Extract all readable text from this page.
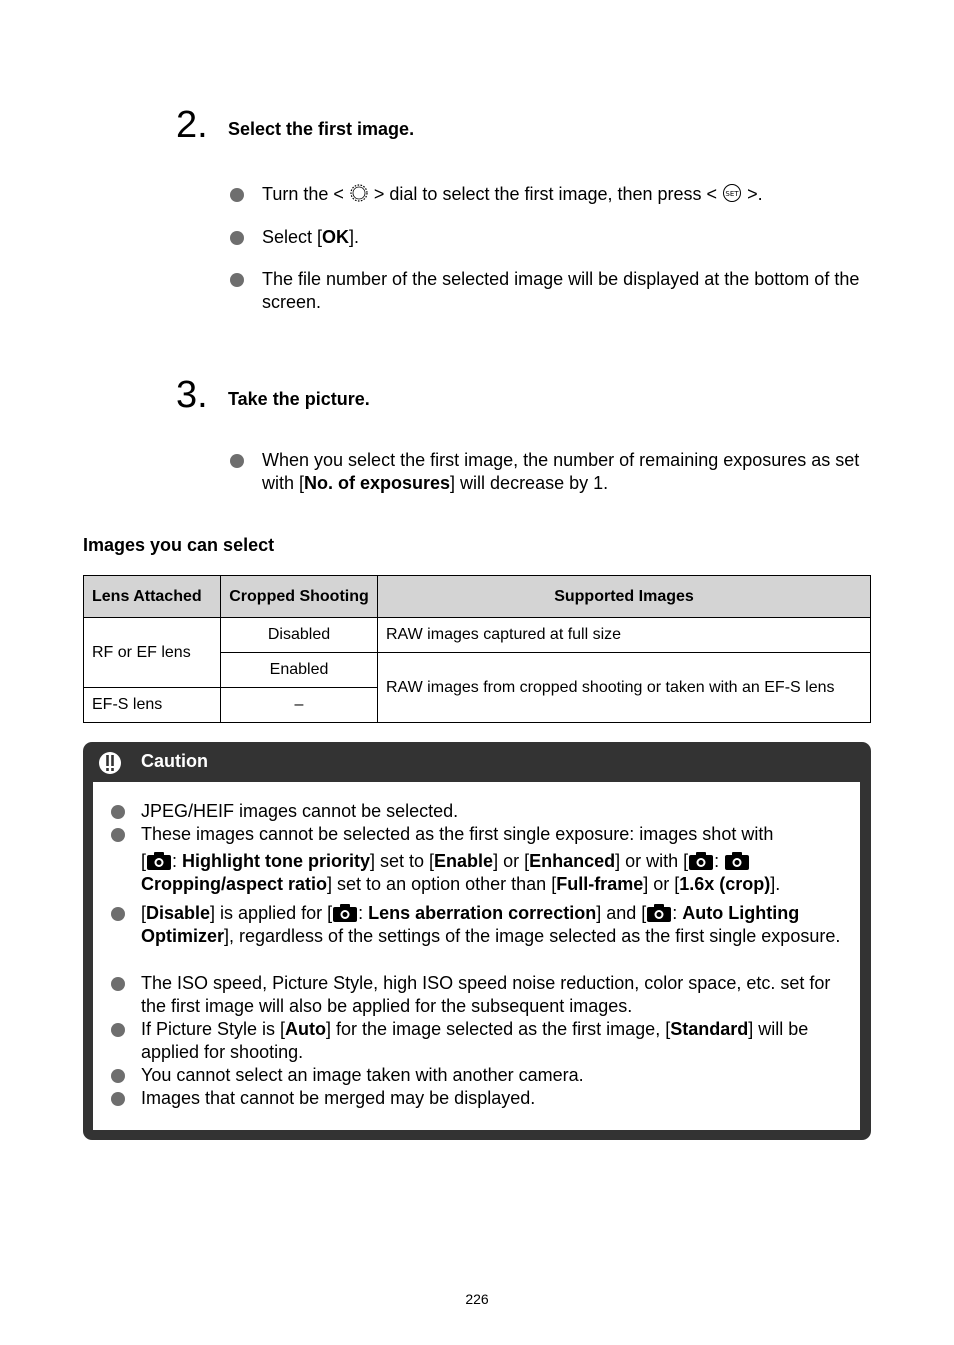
2. Select the first image.
Turn the <  > dial to select the first image, then press < SET >.
Select [OK].
The file number of the selected image will be displayed at the bottom of the screen.
3. Take the picture.
When you select the first image, the number of remaining exposures as set with [No. of exposures] will decrease by 1.
Images you can select
Lens Attached	Cropped Shooting	Supported Images
RF or EF lens	Disabled	RAW images captured at full size
	Enabled	RAW images from cropped shooting or taken with an EF-S lens
EF-S lens	–	
Caution
JPEG/HEIF images cannot be selected.
These images cannot be selected as the first single exposure: images shot with
[ : Highlight tone priority] set to [Enable] or [Enhanced] or with [ :
Cropping/aspect ratio] set to an option other than [Full-frame] or [1.6x (crop)].
[Disable] is applied for [ : Lens aberration correction] and [ : Auto Lighting Optimizer], regardless of the settings of the image selected as the first single exposure.
The ISO speed, Picture Style, high ISO speed noise reduction, color space, etc. set for the first image will also be applied for the subsequent images.
If Picture Style is [Auto] for the image selected as the first image, [Standard] will be applied for shooting.
You cannot select an image taken with another camera.
Images that cannot be merged may be displayed.
226
